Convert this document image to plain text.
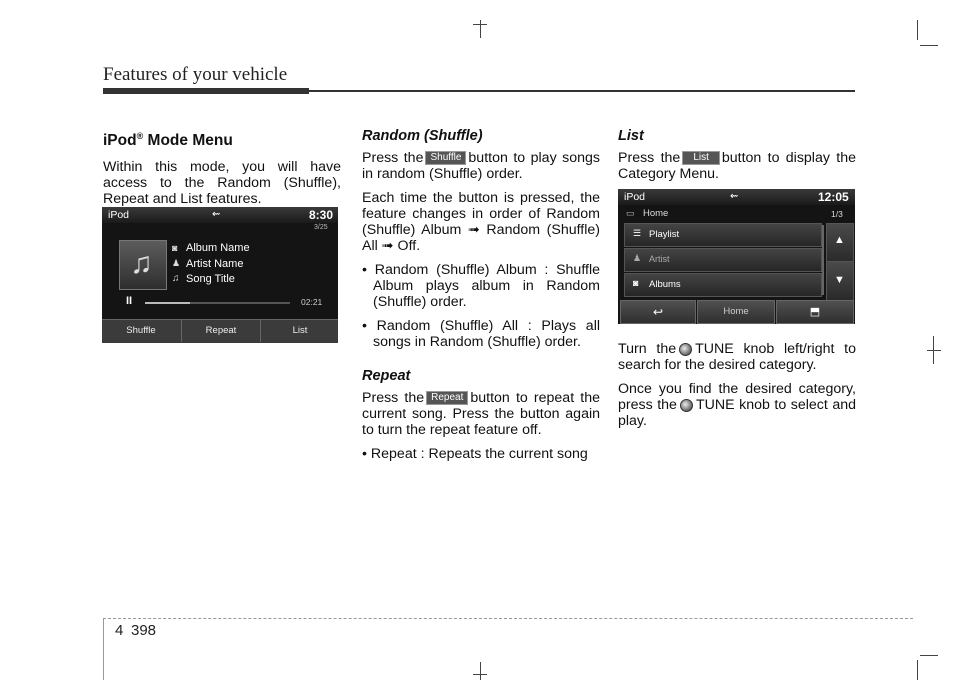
Features of your vehicle
iPod® Mode Menu

Within this mode, you will have access to the Random (Shuffle), Repeat and List features.

iPod	⇜	8:30
3/25
♫ ◙ Album Name
♟ Artist Name
♫ Song Title
II	02:21
Shuffle	Repeat	List
Random (Shuffle)

Press the Shuffle button to play songs in random (Shuffle) order.

Each time the button is pressed, the feature changes in order of Random (Shuffle) Album ➟ Random (Shuffle) All ➟ Off.

• Random (Shuffle) Album : Shuffle Album plays album in Random (Shuffle) order.

• Random (Shuffle) All : Plays all songs in Random (Shuffle) order.

Repeat

Press the Repeat button to repeat the current song. Press the button again to turn the repeat feature off.

• Repeat : Repeats the current song

List

Press the List button to display the Category Menu.

Turn the TUNE knob left/right to search for the desired category.

Once you find the desired category, press the TUNE knob to select and play.

iPod	⇜	12:05
▭ Home	1/3
☰ Playlist
♟ Artist
◙ Albums
▲
▼
↩	Home	⬒
4 398
